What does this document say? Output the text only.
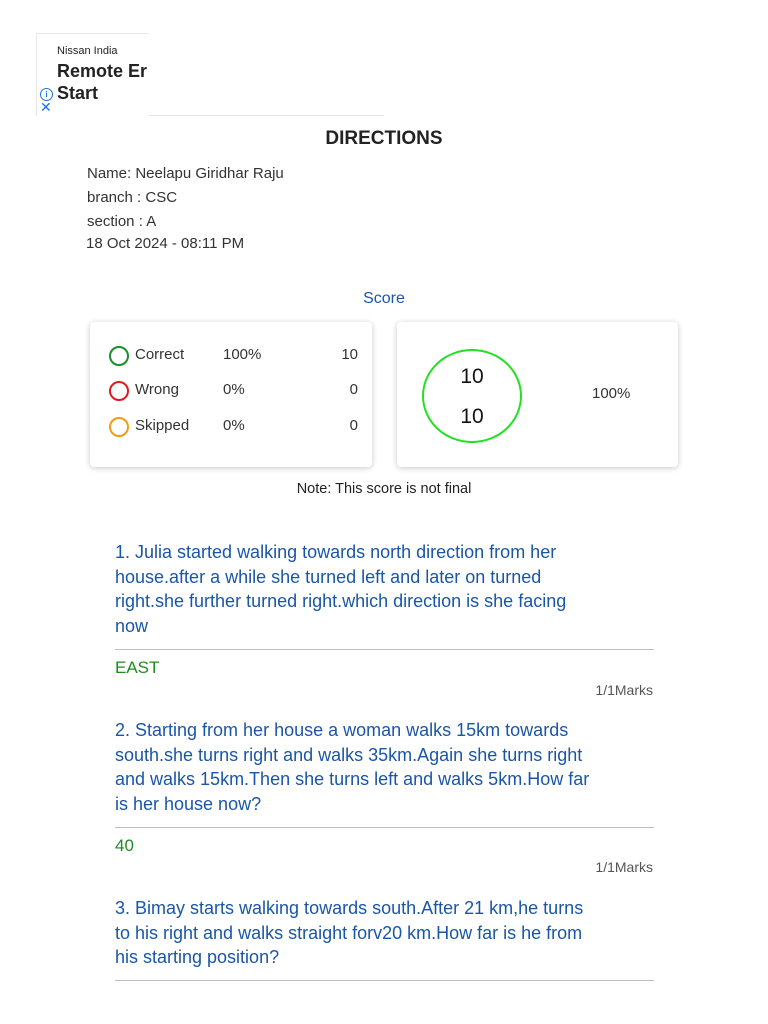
Nissan India
Remote Er
Start
i
✕
DIRECTIONS
Name: Neelapu Giridhar Raju
branch : CSC
section : A
18 Oct 2024 - 08:11 PM
Score
Correct	100%	10
Wrong	0%	0
Skipped 0%	0
10
10
100%
Note: This score is not final
1. Julia started walking towards north direction from her
house.after a while she turned left and later on turned
right.she further turned right.which direction is she facing
now
EAST
1/1Marks
2. Starting from her house a woman walks 15km towards
south.she turns right and walks 35km.Again she turns right
and walks 15km.Then she turns left and walks 5km.How far
is her house now?
40
1/1Marks
3. Bimay starts walking towards south.After 21 km,he turns
to his right and walks straight forv20 km.How far is he from
his starting position?
